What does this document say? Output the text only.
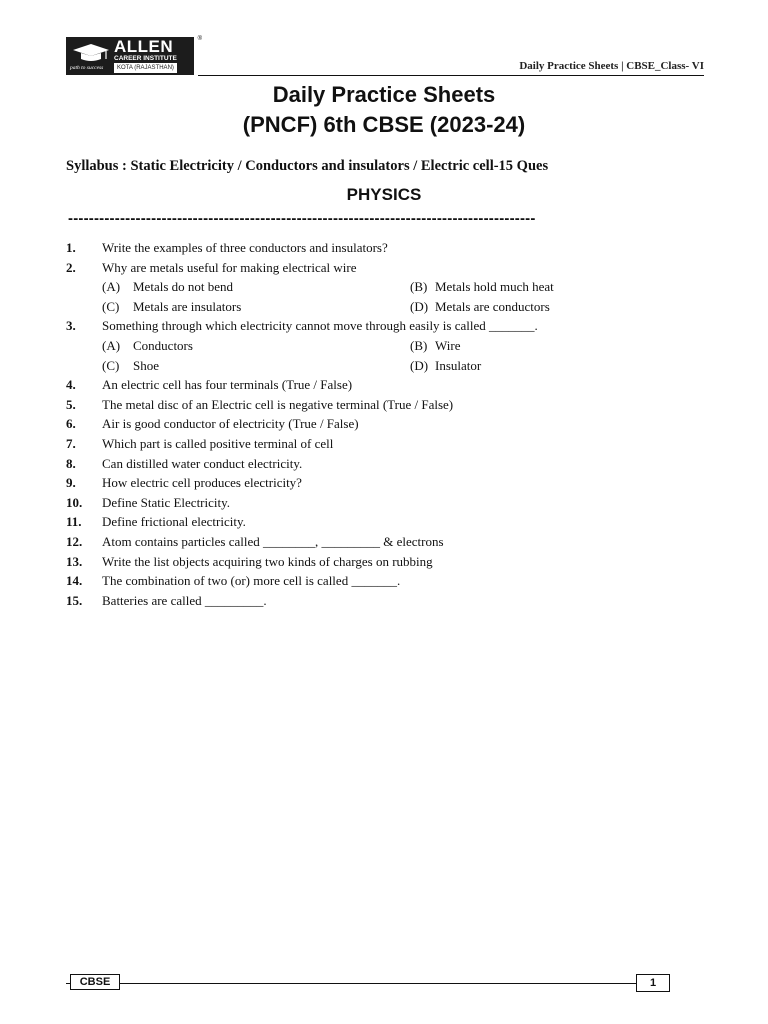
ALLEN	®
CAREER INSTITUTE
path to success	KOTA (RAJASTHAN)	Daily Practice Sheets | CBSE_Class- VI
Daily Practice Sheets
(PNCF) 6th CBSE (2023-24)
Syllabus : Static Electricity / Conductors and insulators / Electric cell-15 Ques
PHYSICS
------------------------------------------------------------------------------------------
1.	Write the examples of three conductors and insulators?
2.	Why are metals useful for making electrical wire
(A) Metals do not bend	(B) Metals hold much heat
(C) Metals are insulators	(D) Metals are conductors
3.	Something through which electricity cannot move through easily is called _______.
(A) Conductors	(B) Wire
(C) Shoe	(D) Insulator
4.	An electric cell has four terminals (True / False)
5.	The metal disc of an Electric cell is negative terminal (True / False)
6.	Air is good conductor of electricity (True / False)
7.	Which part is called positive terminal of cell
8.	Can distilled water conduct electricity.
9.	How electric cell produces electricity?
10.	Define Static Electricity.
11.	Define frictional electricity.
12.	Atom contains particles called ________, _________ & electrons
13.	Write the list objects acquiring two kinds of charges on rubbing
14.	The combination of two (or) more cell is called _______.
15.	Batteries are called _________.
CBSE	1
